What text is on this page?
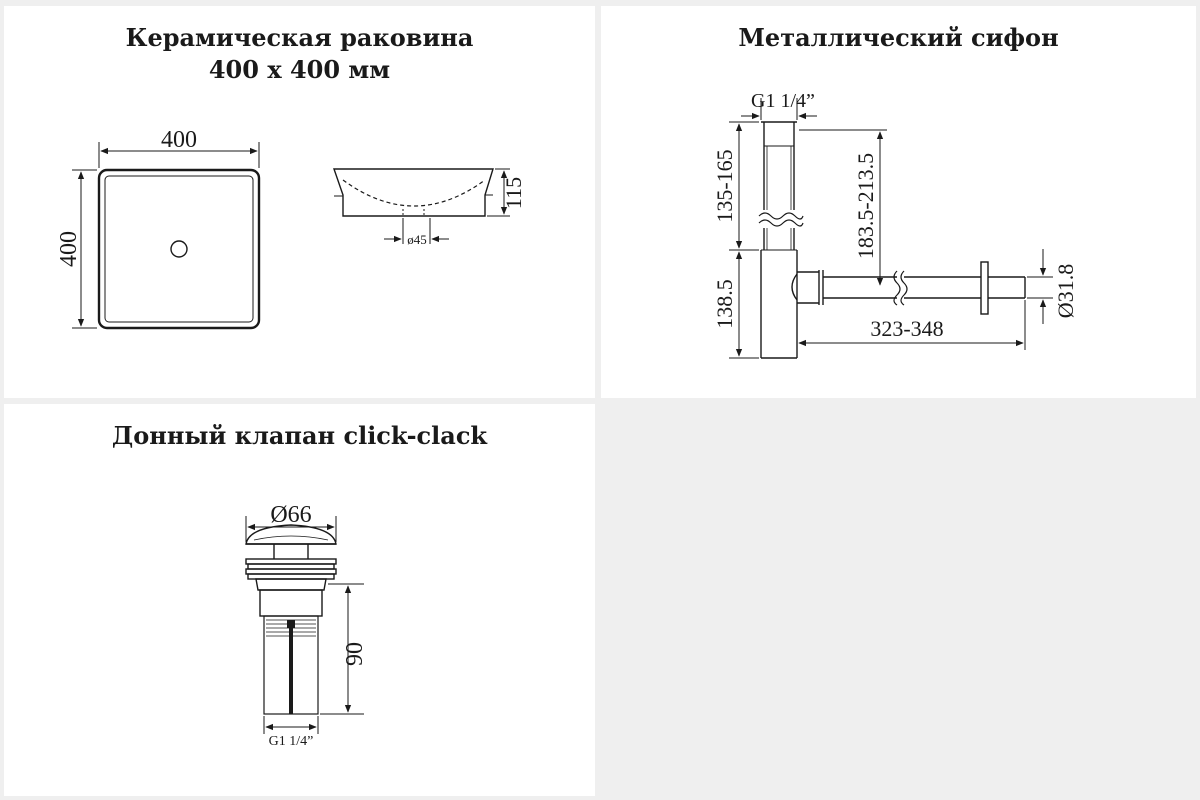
Керамическая раковина
400 х 400 мм
400
400
115
ø45
Металлический сифон
G1 1/4”
135-165
138.5
183.5-213.5
323-348
Ø31.8
Донный клапан click-clack
Ø66
90
G1 1/4”
